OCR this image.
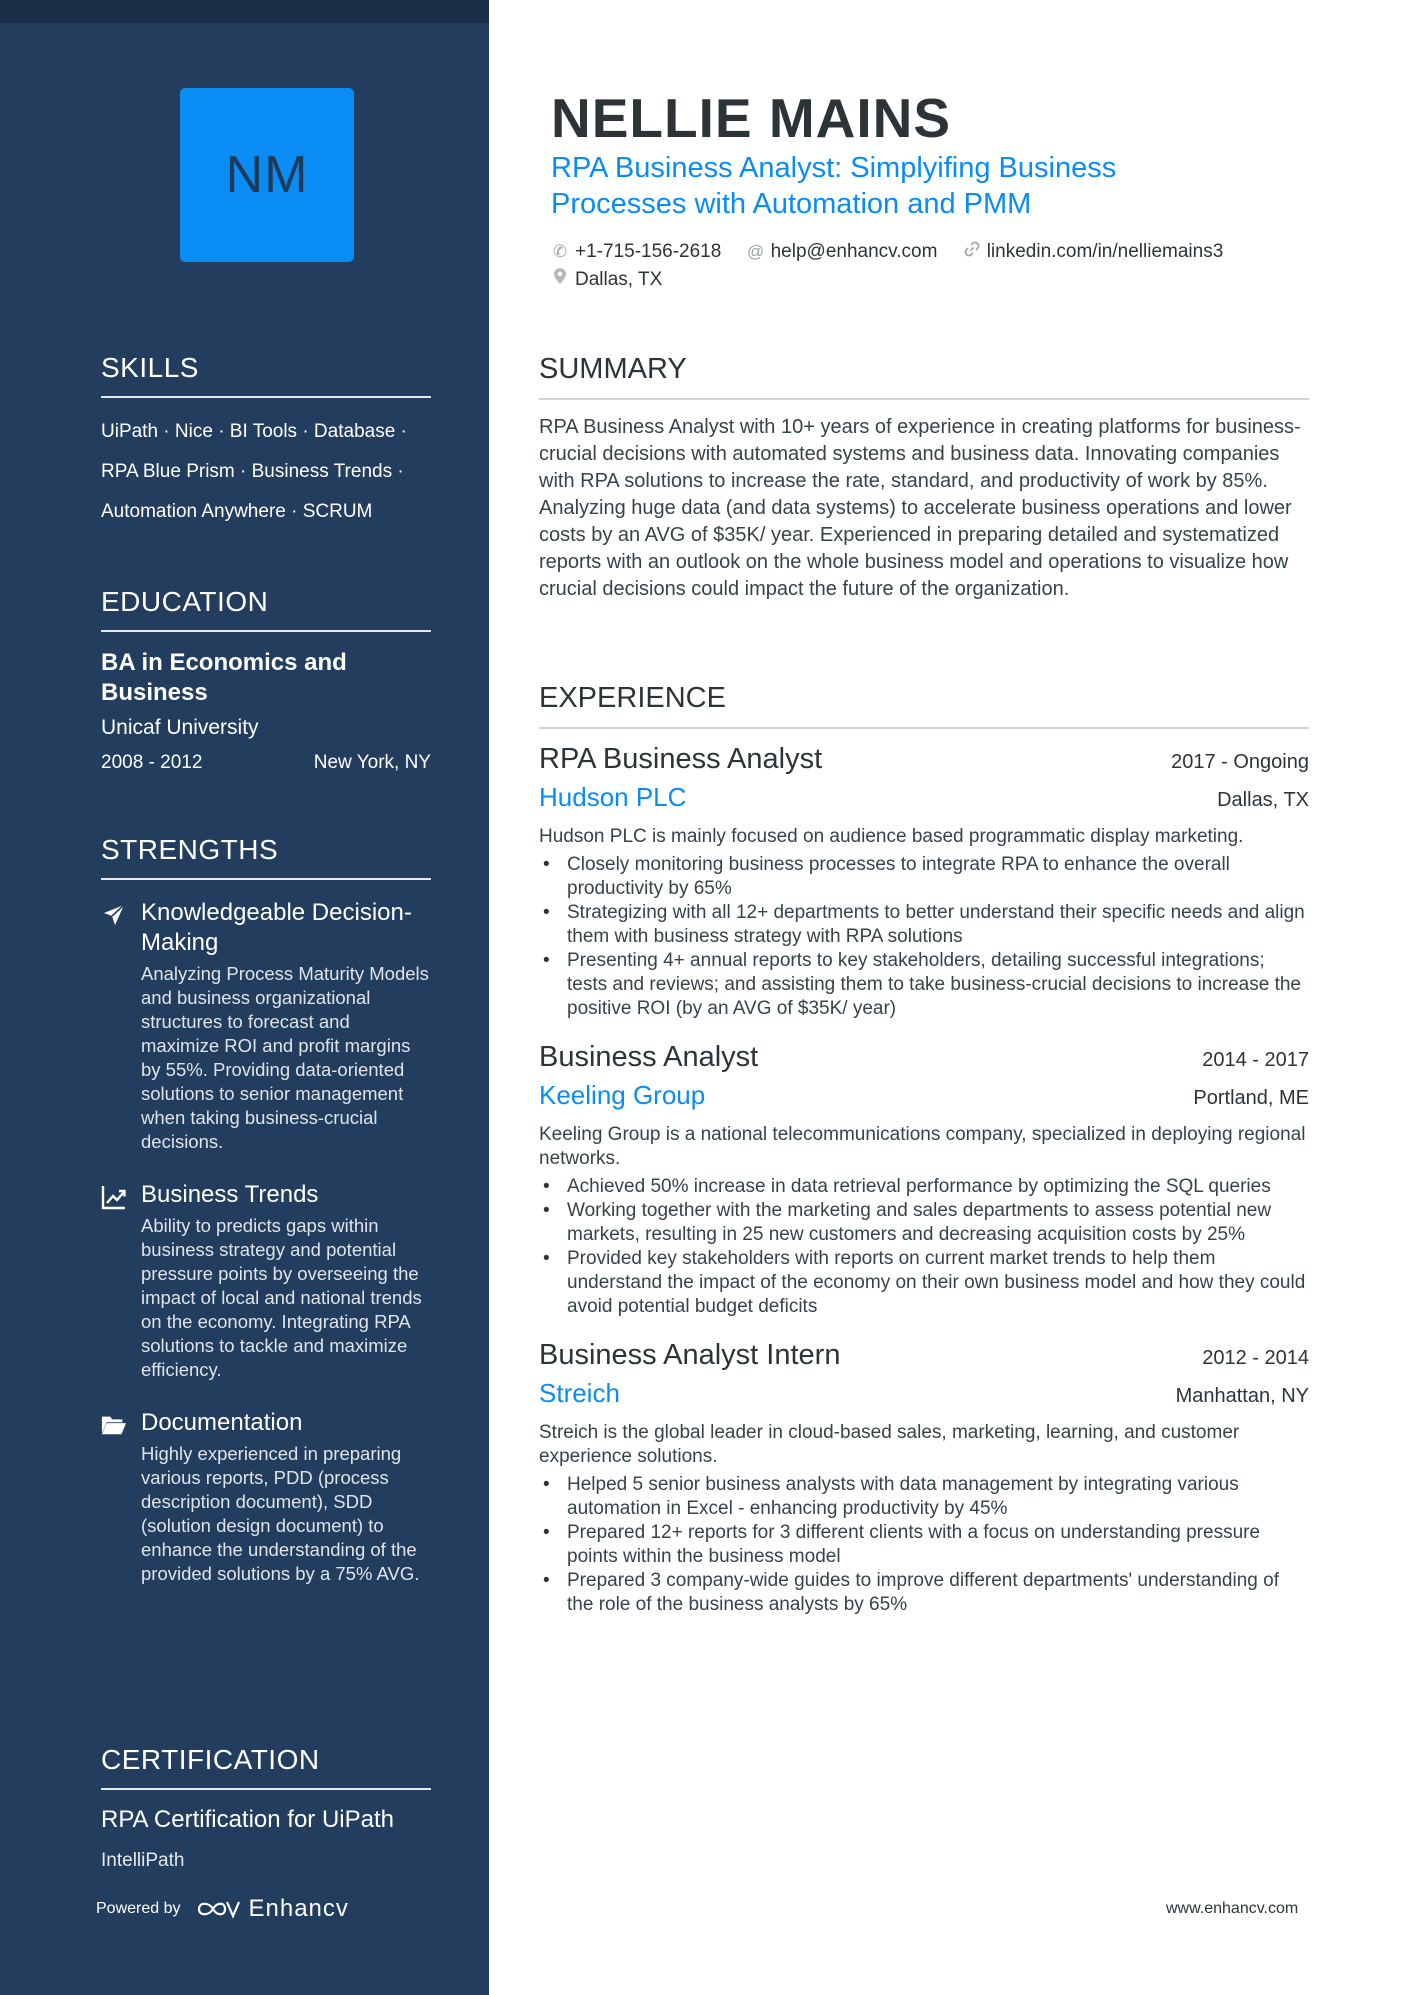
NM
SKILLS
UiPath · Nice · BI Tools · Database ·
RPA Blue Prism · Business Trends ·
Automation Anywhere · SCRUM
EDUCATION
BA in Economics and Business
Unicaf University
2008 - 2012	New York, NY
STRENGTHS
Knowledgeable Decision-Making
Analyzing Process Maturity Models and business organizational structures to forecast and maximize ROI and profit margins by 55%. Providing data-oriented solutions to senior management when taking business-crucial decisions.
Business Trends
Ability to predicts gaps within business strategy and potential pressure points by overseeing the impact of local and national trends on the economy. Integrating RPA solutions to tackle and maximize efficiency.
Documentation
Highly experienced in preparing various reports, PDD (process description document), SDD (solution design document) to enhance the understanding of the provided solutions by a 75% AVG.
CERTIFICATION
RPA Certification for UiPath
IntelliPath
Powered by	Enhancv
NELLIE MAINS
RPA Business Analyst: Simplyifing Business Processes with Automation and PMM
✆ +1-715-156-2618
@ help@enhancv.com
	linkedin.com/in/nelliemains3

Dallas, TX
SUMMARY
RPA Business Analyst with 10+ years of experience in creating platforms for business-crucial decisions with automated systems and business data. Innovating companies with RPA solutions to increase the rate, standard, and productivity of work by 85%. Analyzing huge data (and data systems) to accelerate business operations and lower costs by an AVG of $35K/ year. Experienced in preparing detailed and systematized reports with an outlook on the whole business model and operations to visualize how crucial decisions could impact the future of the organization.
EXPERIENCE
RPA Business Analyst	2017 - Ongoing
Hudson PLC	Dallas, TX
Hudson PLC is mainly focused on audience based programmatic display marketing.
• Closely monitoring business processes to integrate RPA to enhance the overall productivity by 65%
• Strategizing with all 12+ departments to better understand their specific needs and align them with business strategy with RPA solutions
• Presenting 4+ annual reports to key stakeholders, detailing successful integrations; tests and reviews; and assisting them to take business-crucial decisions to increase the positive ROI (by an AVG of $35K/ year)
Business Analyst	2014 - 2017
Keeling Group	Portland, ME
Keeling Group is a national telecommunications company, specialized in deploying regional networks.
• Achieved 50% increase in data retrieval performance by optimizing the SQL queries
• Working together with the marketing and sales departments to assess potential new markets, resulting in 25 new customers and decreasing acquisition costs by 25%
• Provided key stakeholders with reports on current market trends to help them understand the impact of the economy on their own business model and how they could avoid potential budget deficits
Business Analyst Intern	2012 - 2014
Streich	Manhattan, NY
Streich is the global leader in cloud-based sales, marketing, learning, and customer experience solutions.
• Helped 5 senior business analysts with data management by integrating various automation in Excel - enhancing productivity by 45%
• Prepared 12+ reports for 3 different clients with a focus on understanding pressure points within the business model
• Prepared 3 company-wide guides to improve different departments' understanding of the role of the business analysts by 65%
www.enhancv.com
